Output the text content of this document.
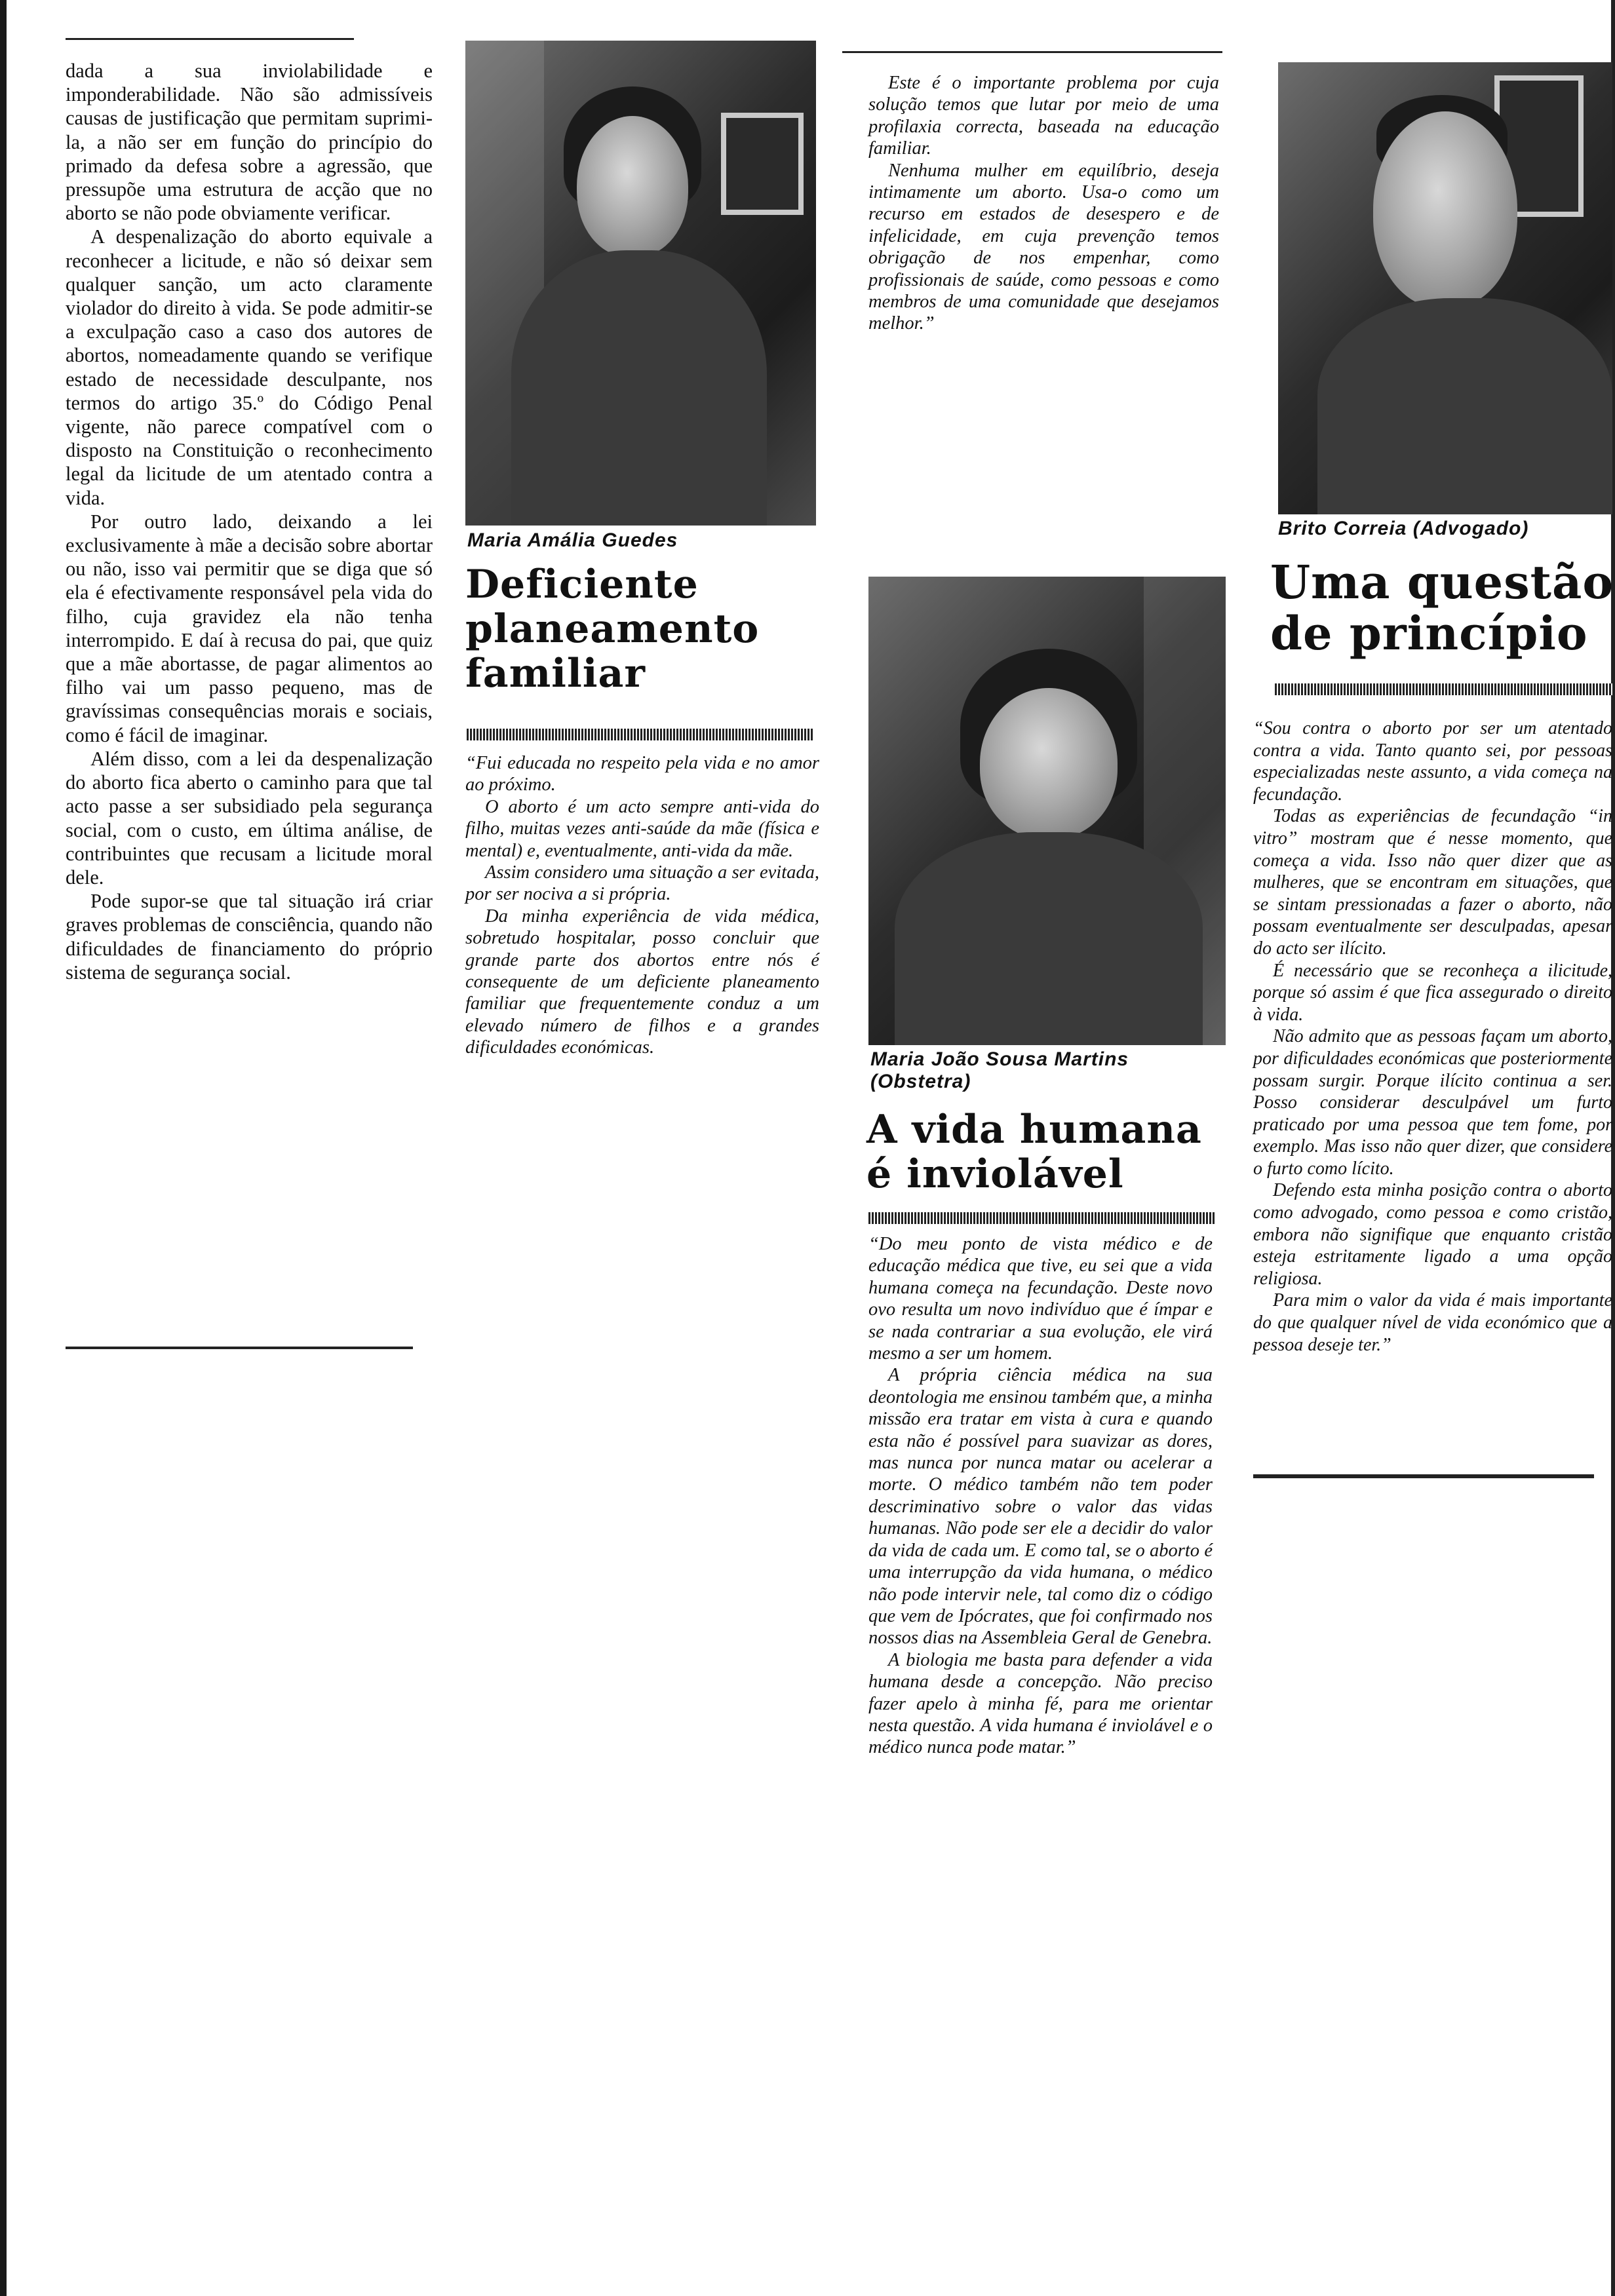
dada a sua inviolabilidade e imponderabilidade. Não são admissíveis causas de justificação que permitam suprimi-la, a não ser em função do princípio do primado da defesa sobre a agressão, que pressupõe uma estrutura de acção que no aborto se não pode obviamente verificar.

A despenalização do aborto equivale a reconhecer a licitude, e não só deixar sem qualquer sanção, um acto claramente violador do direito à vida. Se pode admitir-se a exculpação caso a caso dos autores de abortos, nomeadamente quando se verifique estado de necessidade desculpante, nos termos do artigo 35.º do Código Penal vigente, não parece compatível com o disposto na Constituição o reconhecimento legal da licitude de um atentado contra a vida.

Por outro lado, deixando a lei exclusivamente à mãe a decisão sobre abortar ou não, isso vai permitir que se diga que só ela é efectivamente responsável pela vida do filho, cuja gravidez ela não tenha interrompido. E daí à recusa do pai, que quiz que a mãe abortasse, de pagar alimentos ao filho vai um passo pequeno, mas de gravíssimas consequências morais e sociais, como é fácil de imaginar.

Além disso, com a lei da despenalização do aborto fica aberto o caminho para que tal acto passe a ser subsidiado pela segurança social, com o custo, em última análise, de contribuintes que recusam a licitude moral dele.

Pode supor-se que tal situação irá criar graves problemas de consciência, quando não dificuldades de financiamento do próprio sistema de segurança social.

Maria Amália Guedes
Deficiente
planeamento
familiar

“Fui educada no respeito pela vida e no amor ao próximo.

O aborto é um acto sempre anti-vida do filho, muitas vezes anti-saúde da mãe (física e mental) e, eventualmente, anti-vida da mãe.

Assim considero uma situação a ser evitada, por ser nociva a si própria.

Da minha experiência de vida médica, sobretudo hospitalar, posso concluir que grande parte dos abortos entre nós é consequente de um deficiente planeamento familiar que frequentemente conduz a um elevado número de filhos e a grandes dificuldades económicas.

Este é o importante problema por cuja solução temos que lutar por meio de uma profilaxia correcta, baseada na educação familiar.

Nenhuma mulher em equilíbrio, deseja intimamente um aborto. Usa-o como um recurso em estados de desespero e de infelicidade, em cuja prevenção temos obrigação de nos empenhar, como profissionais de saúde, como pessoas e como membros de uma comunidade que desejamos melhor.”

Maria João Sousa Martins (Obstetra)
A vida humana
é inviolável

“Do meu ponto de vista médico e de educação médica que tive, eu sei que a vida humana começa na fecundação. Deste novo ovo resulta um novo indivíduo que é ímpar e se nada contrariar a sua evolução, ele virá mesmo a ser um homem.

A própria ciência médica na sua deontologia me ensinou também que, a minha missão era tratar em vista à cura e quando esta não é possível para suavizar as dores, mas nunca por nunca matar ou acelerar a morte. O médico também não tem poder descriminativo sobre o valor das vidas humanas. Não pode ser ele a decidir do valor da vida de cada um. E como tal, se o aborto é uma interrupção da vida humana, o médico não pode intervir nele, tal como diz o código que vem de Ipócrates, que foi confirmado nos nossos dias na Assembleia Geral de Genebra.

A biologia me basta para defender a vida humana desde a concepção. Não preciso fazer apelo à minha fé, para me orientar nesta questão. A vida humana é inviolável e o médico nunca pode matar.”

Brito Correia (Advogado)
Uma questão
de princípio

“Sou contra o aborto por ser um atentado contra a vida. Tanto quanto sei, por pessoas especializadas neste assunto, a vida começa na fecundação.

Todas as experiências de fecundação “in vitro” mostram que é nesse momento, que começa a vida. Isso não quer dizer que as mulheres, que se encontram em situações, que se sintam pressionadas a fazer o aborto, não possam eventualmente ser desculpadas, apesar do acto ser ilícito.

É necessário que se reconheça a ilicitude, porque só assim é que fica assegurado o direito à vida.

Não admito que as pessoas façam um aborto, por dificuldades económicas que posteriormente possam surgir. Porque ilícito continua a ser. Posso considerar desculpável um furto praticado por uma pessoa que tem fome, por exemplo. Mas isso não quer dizer, que considere o furto como lícito.

Defendo esta minha posição contra o aborto como advogado, como pessoa e como cristão, embora não signifique que enquanto cristão esteja estritamente ligado a uma opção religiosa.

Para mim o valor da vida é mais importante do que qualquer nível de vida económico que a pessoa deseje ter.”
